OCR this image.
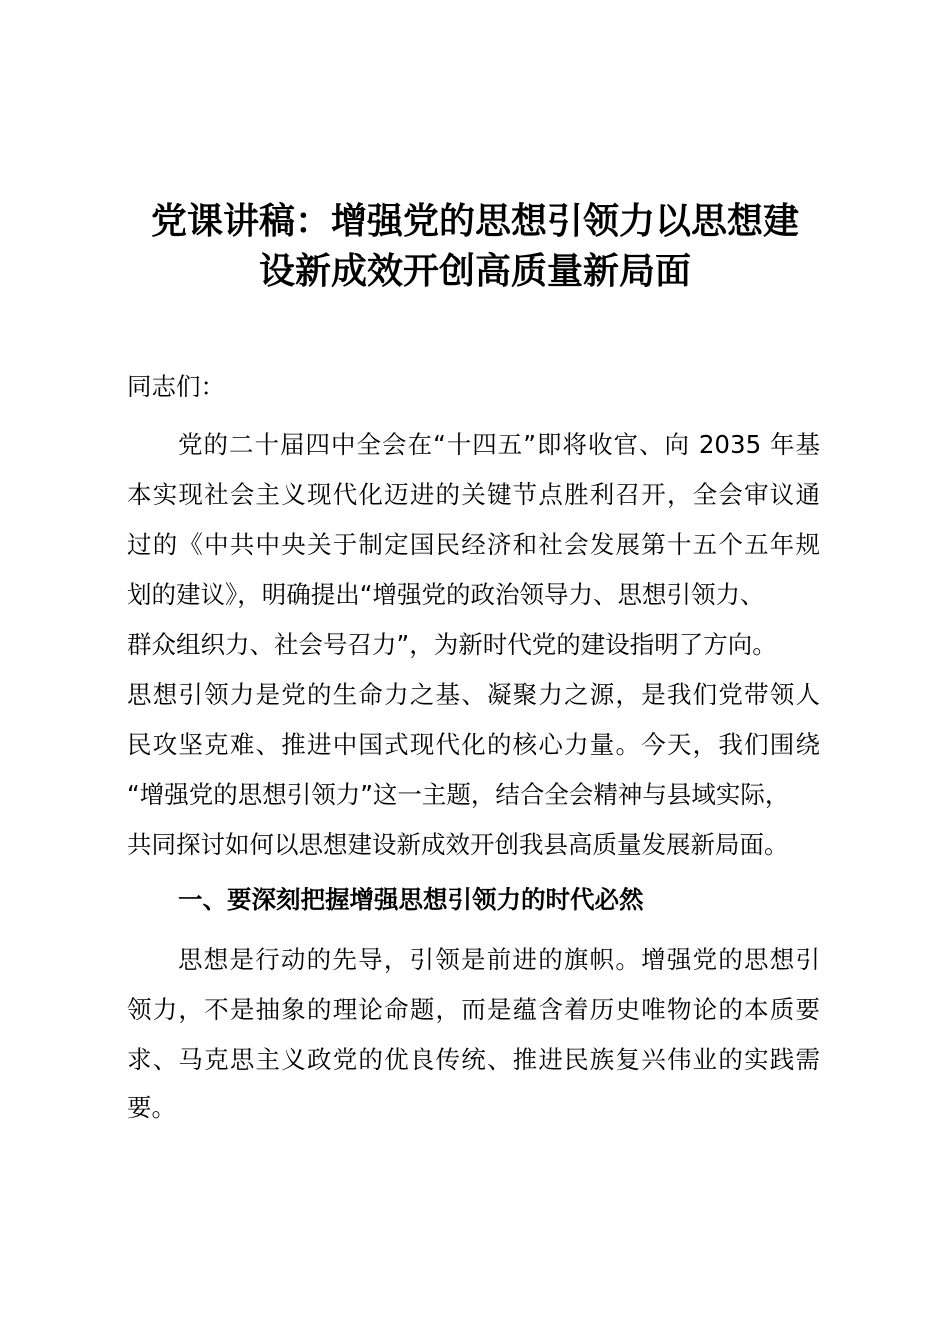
党课讲稿：增强党的思想引领力以思想建
设新成效开创高质量新局面
同志们：
党的二十届四中全会在“十四五”即将收官、向 2035 年基
本实现社会主义现代化迈进的关键节点胜利召开，全会审议通
过的《中共中央关于制定国民经济和社会发展第十五个五年规
划的建议》，明确提出“增强党的政治领导力、思想引领力、
群众组织力、社会号召力”，为新时代党的建设指明了方向。
思想引领力是党的生命力之基、凝聚力之源，是我们党带领人
民攻坚克难、推进中国式现代化的核心力量。今天，我们围绕
“增强党的思想引领力”这一主题，结合全会精神与县域实际，
共同探讨如何以思想建设新成效开创我县高质量发展新局面。
一、要深刻把握增强思想引领力的时代必然
思想是行动的先导，引领是前进的旗帜。增强党的思想引
领力，不是抽象的理论命题，而是蕴含着历史唯物论的本质要
求、马克思主义政党的优良传统、推进民族复兴伟业的实践需
要。
